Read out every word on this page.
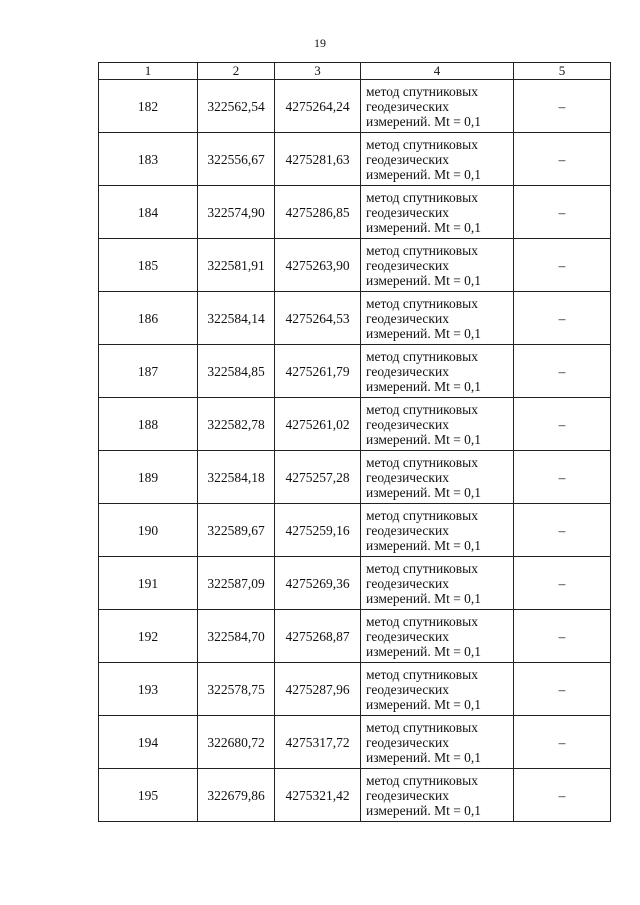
19
1	2	3	4	5
182	322562,54	4275264,24	метод спутниковых
геодезических
измерений. Mt = 0,1	–
183	322556,67	4275281,63	метод спутниковых
геодезических
измерений. Mt = 0,1	–
184	322574,90	4275286,85	метод спутниковых
геодезических
измерений. Mt = 0,1	–
185	322581,91	4275263,90	метод спутниковых
геодезических
измерений. Mt = 0,1	–
186	322584,14	4275264,53	метод спутниковых
геодезических
измерений. Mt = 0,1	–
187	322584,85	4275261,79	метод спутниковых
геодезических
измерений. Mt = 0,1	–
188	322582,78	4275261,02	метод спутниковых
геодезических
измерений. Mt = 0,1	–
189	322584,18	4275257,28	метод спутниковых
геодезических
измерений. Mt = 0,1	–
190	322589,67	4275259,16	метод спутниковых
геодезических
измерений. Mt = 0,1	–
191	322587,09	4275269,36	метод спутниковых
геодезических
измерений. Mt = 0,1	–
192	322584,70	4275268,87	метод спутниковых
геодезических
измерений. Mt = 0,1	–
193	322578,75	4275287,96	метод спутниковых
геодезических
измерений. Mt = 0,1	–
194	322680,72	4275317,72	метод спутниковых
геодезических
измерений. Mt = 0,1	–
195	322679,86	4275321,42	метод спутниковых
геодезических
измерений. Mt = 0,1	–
